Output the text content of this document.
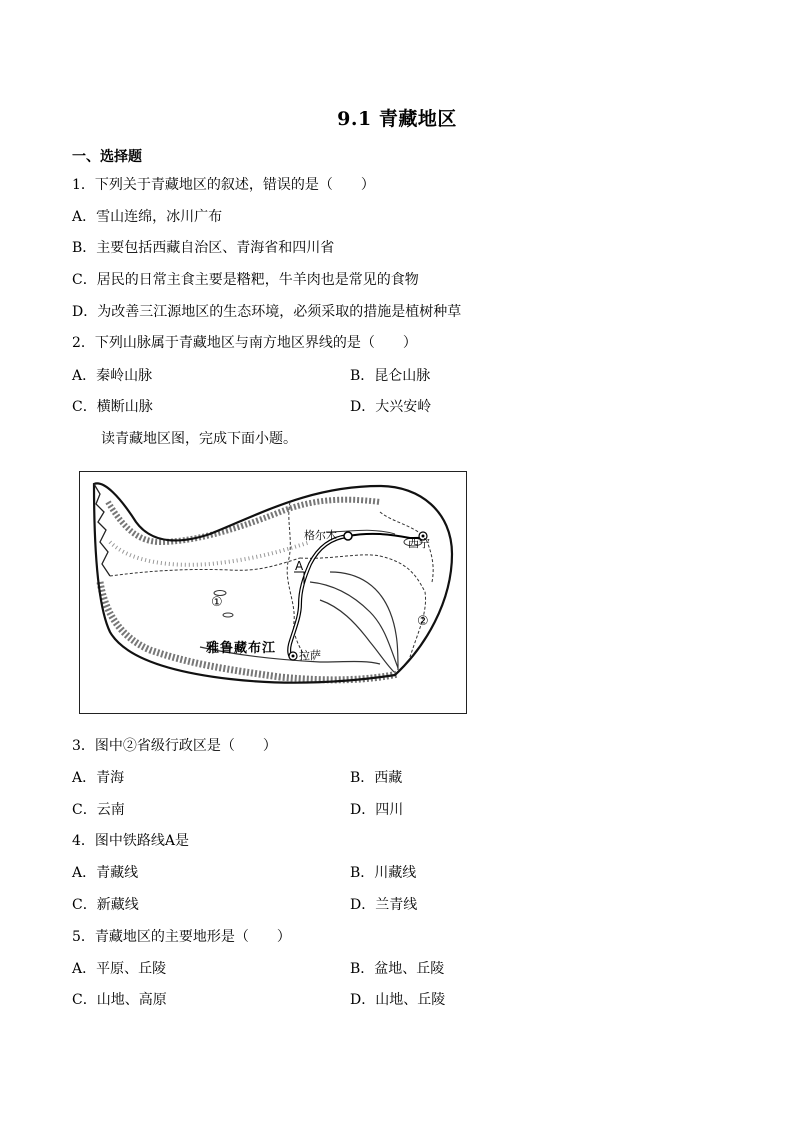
9.1 青藏地区
一、选择题
1．下列关于青藏地区的叙述，错误的是（　　）
A．雪山连绵，冰川广布
B．主要包括西藏自治区、青海省和四川省
C．居民的日常主食主要是糌粑，牛羊肉也是常见的食物
D．为改善三江源地区的生态环境，必须采取的措施是植树种草
2．下列山脉属于青藏地区与南方地区界线的是（　　）
A．秦岭山脉	B．昆仑山脉
C．横断山脉	D．大兴安岭
读青藏地区图，完成下面小题。
格尔木
西宁
A
①
②
雅鲁藏布江 拉萨
3．图中②省级行政区是（　　）
A．青海	B．西藏
C．云南	D．四川
4．图中铁路线A是
A．青藏线	B．川藏线
C．新藏线	D．兰青线
5．青藏地区的主要地形是（　　）
A．平原、丘陵	B．盆地、丘陵
C．山地、高原	D．山地、丘陵
